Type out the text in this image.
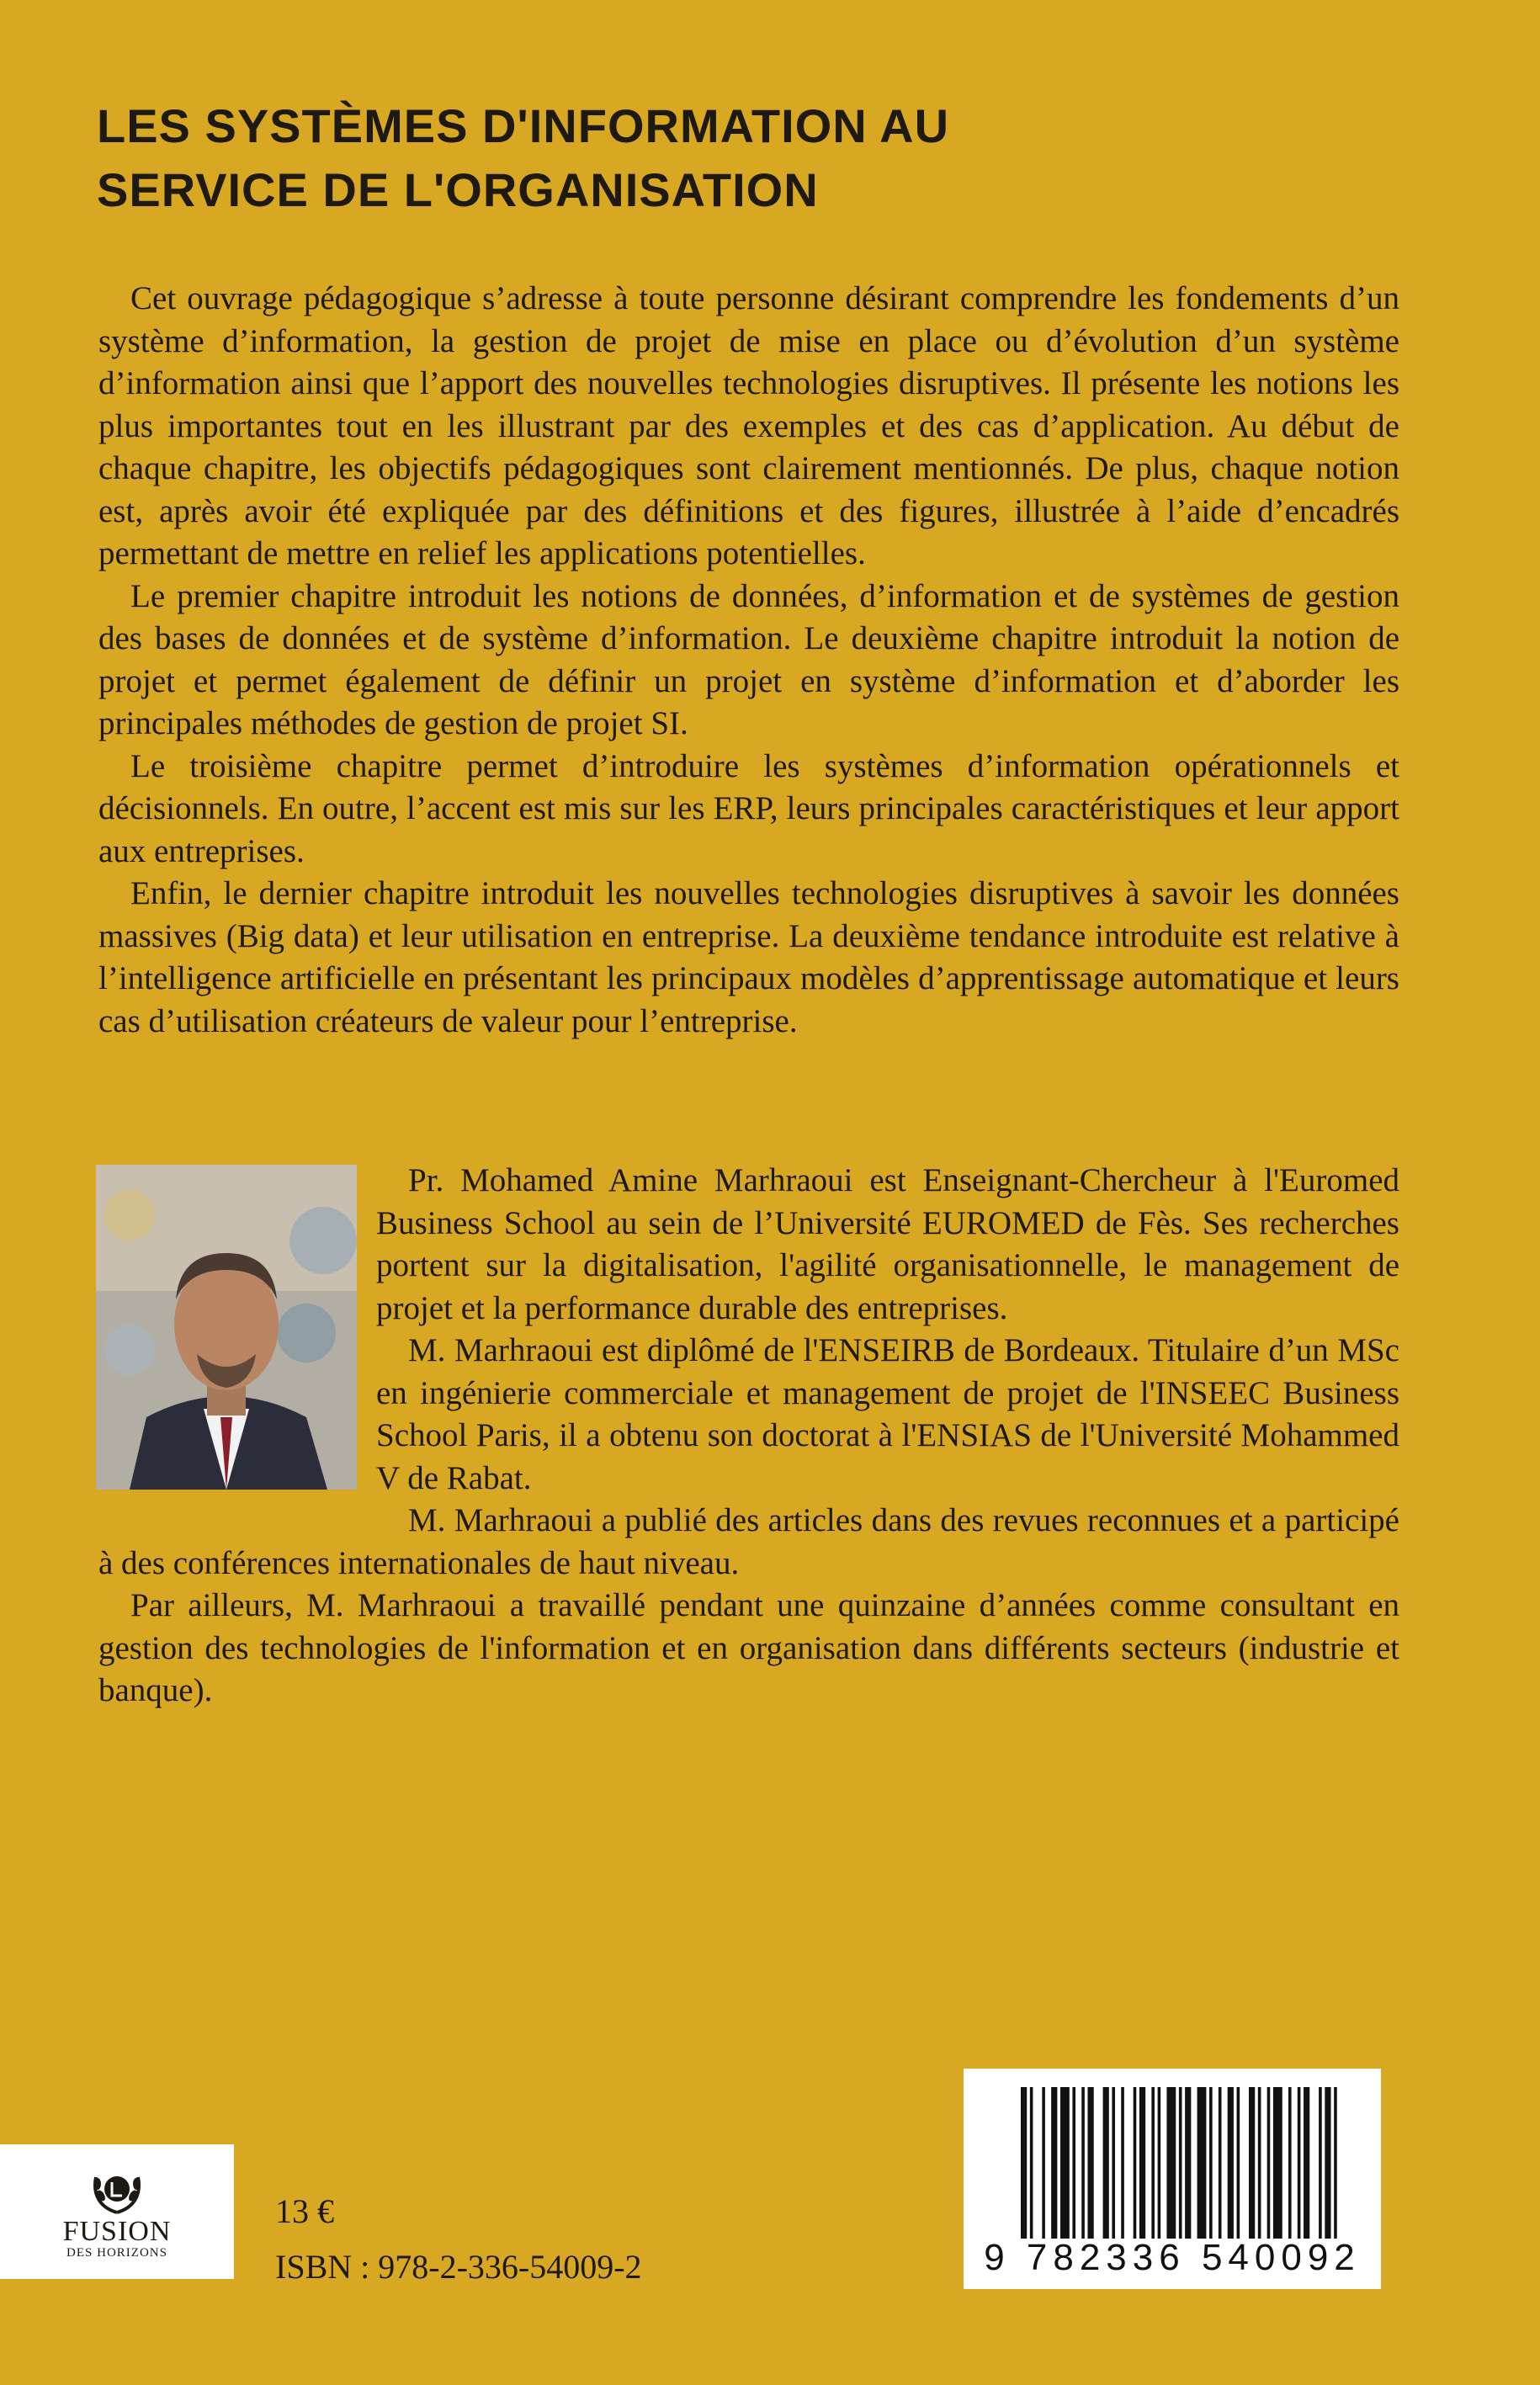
LES SYSTÈMES D'INFORMATION AU
SERVICE DE L'ORGANISATION

Cet ouvrage pédagogique s’adresse à toute personne désirant comprendre les fondements d’un système d’information, la gestion de projet de mise en place ou d’évolution d’un système d’information ainsi que l’apport des nouvelles technologies disruptives. Il présente les notions les plus importantes tout en les illustrant par des exemples et des cas d’application. Au début de chaque chapitre, les objectifs pédagogiques sont clairement mentionnés. De plus, chaque notion est, après avoir été expliquée par des définitions et des figures, illustrée à l’aide d’encadrés permettant de mettre en relief les applications potentielles.

Le premier chapitre introduit les notions de données, d’information et de systèmes de gestion des bases de données et de système d’information. Le deuxième chapitre introduit la notion de projet et permet également de définir un projet en système d’information et d’aborder les principales méthodes de gestion de projet SI.

Le troisième chapitre permet d’introduire les systèmes d’information opérationnels et décisionnels. En outre, l’accent est mis sur les ERP, leurs principales caractéristiques et leur apport aux entreprises.

Enfin, le dernier chapitre introduit les nouvelles technologies disruptives à savoir les données massives (Big data) et leur utilisation en entreprise. La deuxième tendance introduite est relative à l’intelligence artificielle en présentant les principaux modèles d’apprentissage automatique et leurs cas d’utilisation créateurs de valeur pour l’entreprise.

Pr. Mohamed Amine Marhraoui est Enseignant-Chercheur à l'Euromed Business School au sein de l’Université EUROMED de Fès. Ses recherches portent sur la digitalisation, l'agilité organisationnelle, le management de projet et la performance durable des entreprises.

M. Marhraoui est diplômé de l'ENSEIRB de Bordeaux. Titulaire d’un MSc en ingénierie commerciale et management de projet de l'INSEEC Business School Paris, il a obtenu son doctorat à l'ENSIAS de l'Université Mohammed V de Rabat.

M. Marhraoui a publié des articles dans des revues reconnues et a participé à des conférences internationales de haut niveau.

Par ailleurs, M. Marhraoui a travaillé pendant une quinzaine d’années comme consultant en gestion des technologies de l'information et en organisation dans différents secteurs (industrie et banque).

FUSION
DES HORIZONS
13 €
ISBN : 978-2-336-54009-2	9 782336 540092
